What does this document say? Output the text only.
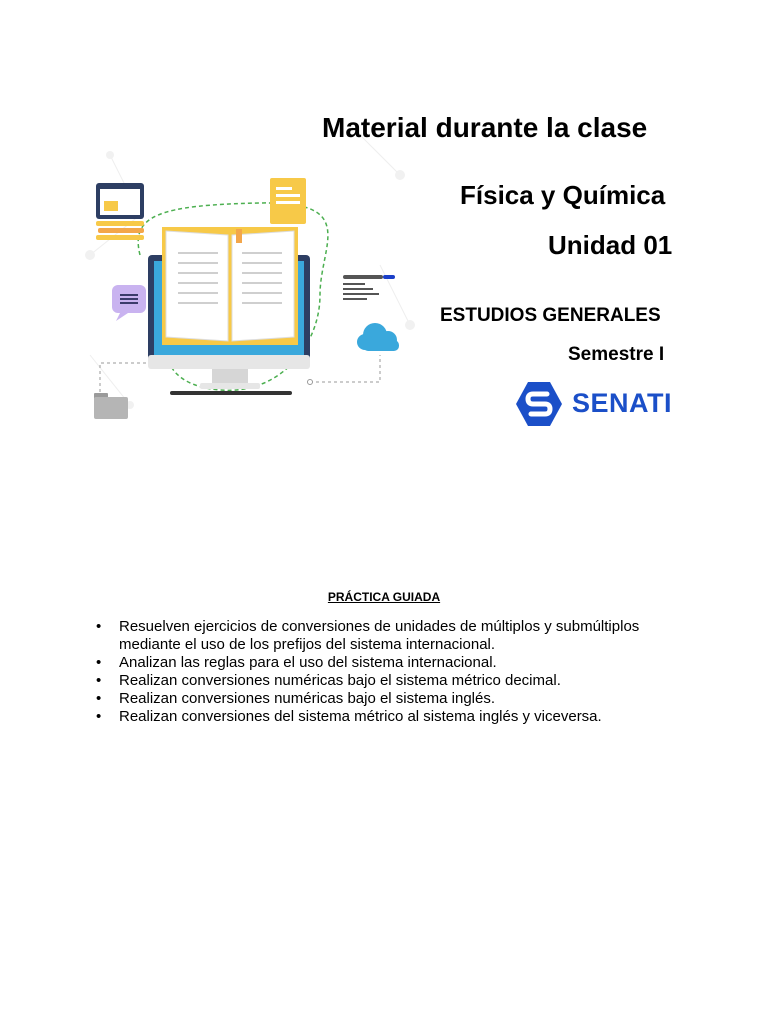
Material durante la clase
Física y Química
Unidad 01
ESTUDIOS GENERALES
Semestre I
SENATI
PRÁCTICA GUIADA
• Resuelven ejercicios de conversiones de unidades de múltiplos y submúltiplos mediante el uso de los prefijos del sistema internacional.
• Analizan las reglas para el uso del sistema internacional.
• Realizan conversiones numéricas bajo el sistema métrico decimal.
• Realizan conversiones numéricas bajo el sistema inglés.
• Realizan conversiones del sistema métrico al sistema inglés y viceversa.
